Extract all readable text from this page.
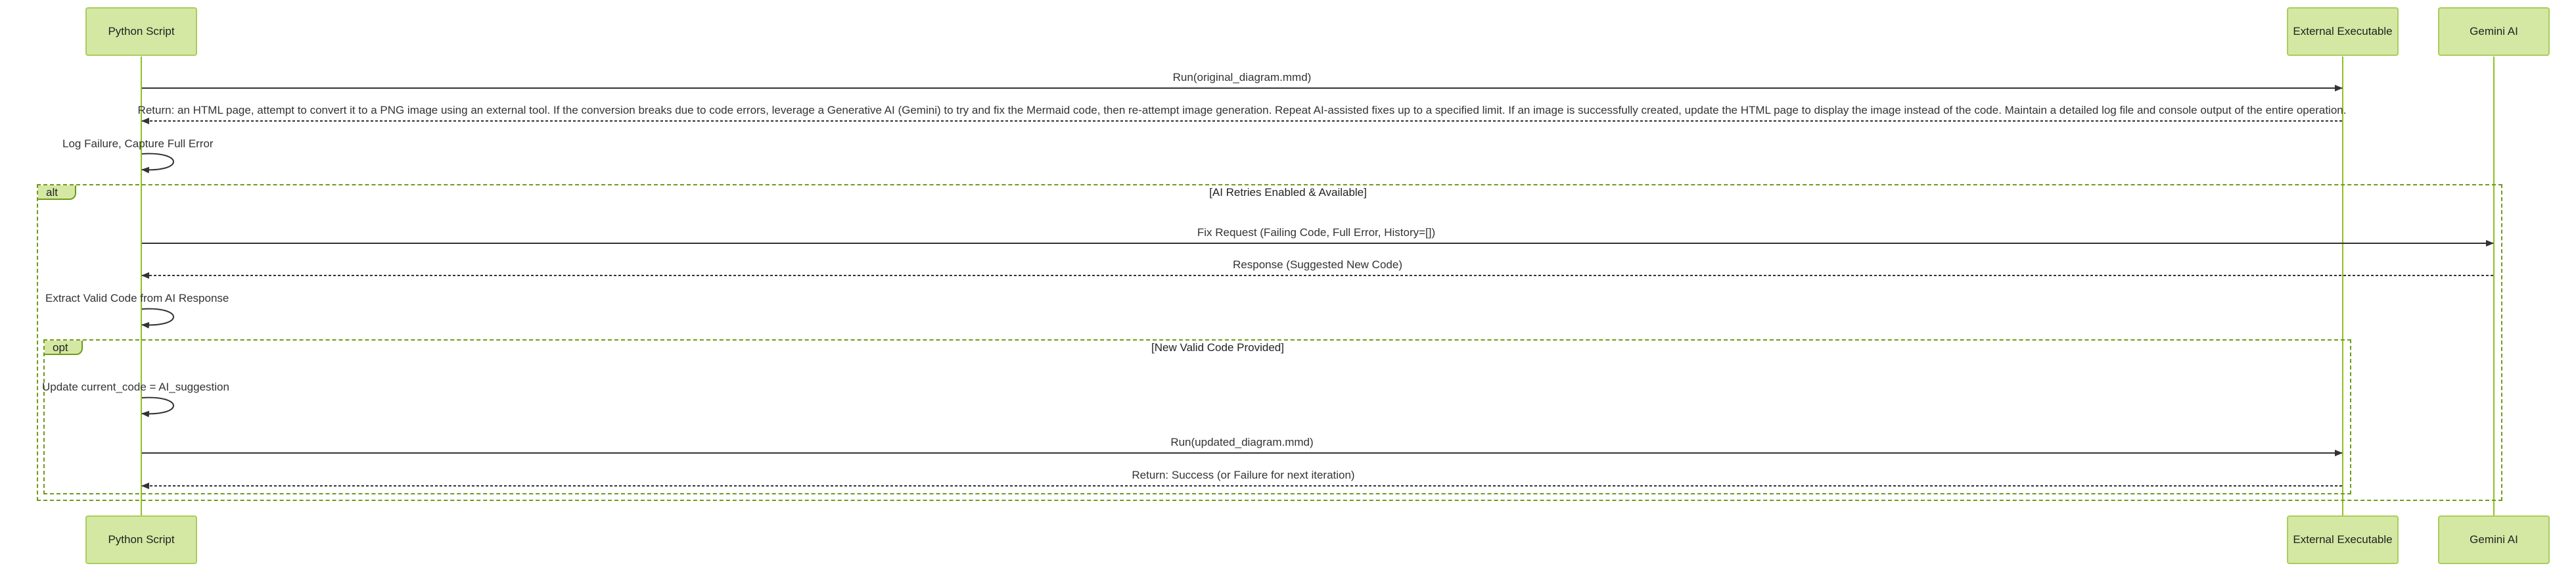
Python Script	External Executable	Gemini AI
Python Script	External Executable	Gemini AI
alt	[AI Retries Enabled & Available]
opt	[New Valid Code Provided]
Run(original_diagram.mmd)
Return: an HTML page, attempt to convert it to a PNG image using an external tool. If the conversion breaks due to code errors, leverage a Generative AI (Gemini) to try and fix the Mermaid code, then re-attempt image generation. Repeat AI-assisted fixes up to a specified limit. If an image is successfully created, update the HTML page to display the image instead of the code. Maintain a detailed log file and console output of the entire operation.
Log Failure, Capture Full Error
Fix Request (Failing Code, Full Error, History=[])
Response (Suggested New Code)
Extract Valid Code from AI Response
Update current_code = AI_suggestion
Run(updated_diagram.mmd)
Return: Success (or Failure for next iteration)
